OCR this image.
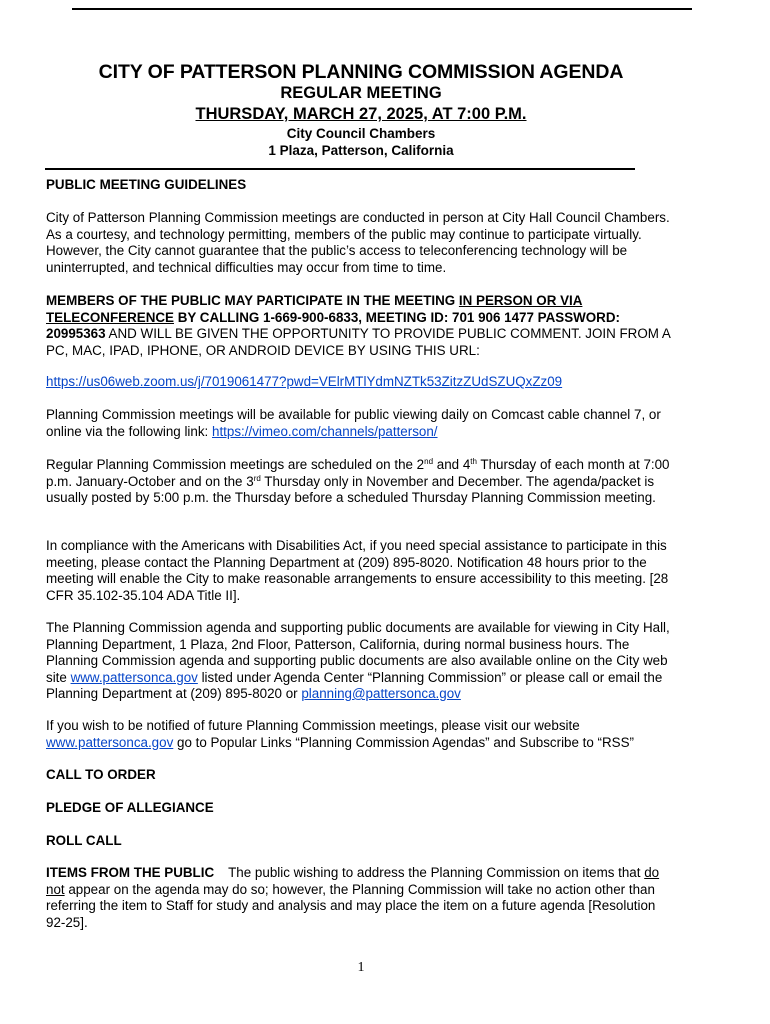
CITY OF PATTERSON PLANNING COMMISSION AGENDA
REGULAR MEETING
THURSDAY, MARCH 27, 2025, AT 7:00 P.M.
City Council Chambers
1 Plaza, Patterson, California
PUBLIC MEETING GUIDELINES
City of Patterson Planning Commission meetings are conducted in person at City Hall Council Chambers. As a courtesy, and technology permitting, members of the public may continue to participate virtually. However, the City cannot guarantee that the public’s access to teleconferencing technology will be uninterrupted, and technical difficulties may occur from time to time.
MEMBERS OF THE PUBLIC MAY PARTICIPATE IN THE MEETING IN PERSON OR VIA TELECONFERENCE BY CALLING 1-669-900-6833, MEETING ID: 701 906 1477 PASSWORD: 20995363 AND WILL BE GIVEN THE OPPORTUNITY TO PROVIDE PUBLIC COMMENT. JOIN FROM A PC, MAC, IPAD, IPHONE, OR ANDROID DEVICE BY USING THIS URL:
https://us06web.zoom.us/j/7019061477?pwd=VElrMTlYdmNZTk53ZitzZUdSZUQxZz09
Planning Commission meetings will be available for public viewing daily on Comcast cable channel 7, or online via the following link: https://vimeo.com/channels/patterson/
Regular Planning Commission meetings are scheduled on the 2nd and 4th Thursday of each month at 7:00 p.m. January-October and on the 3rd Thursday only in November and December. The agenda/packet is usually posted by 5:00 p.m. the Thursday before a scheduled Thursday Planning Commission meeting.
In compliance with the Americans with Disabilities Act, if you need special assistance to participate in this meeting, please contact the Planning Department at (209) 895-8020. Notification 48 hours prior to the meeting will enable the City to make reasonable arrangements to ensure accessibility to this meeting. [28 CFR 35.102-35.104 ADA Title II].
The Planning Commission agenda and supporting public documents are available for viewing in City Hall, Planning Department, 1 Plaza, 2nd Floor, Patterson, California, during normal business hours. The Planning Commission agenda and supporting public documents are also available online on the City web site www.pattersonca.gov listed under Agenda Center “Planning Commission” or please call or email the Planning Department at (209) 895-8020 or planning@pattersonca.gov
If you wish to be notified of future Planning Commission meetings, please visit our website www.pattersonca.gov go to Popular Links “Planning Commission Agendas” and Subscribe to “RSS”
CALL TO ORDER
PLEDGE OF ALLEGIANCE
ROLL CALL
ITEMS FROM THE PUBLIC The public wishing to address the Planning Commission on items that do not appear on the agenda may do so; however, the Planning Commission will take no action other than referring the item to Staff for study and analysis and may place the item on a future agenda [Resolution 92-25].
1
